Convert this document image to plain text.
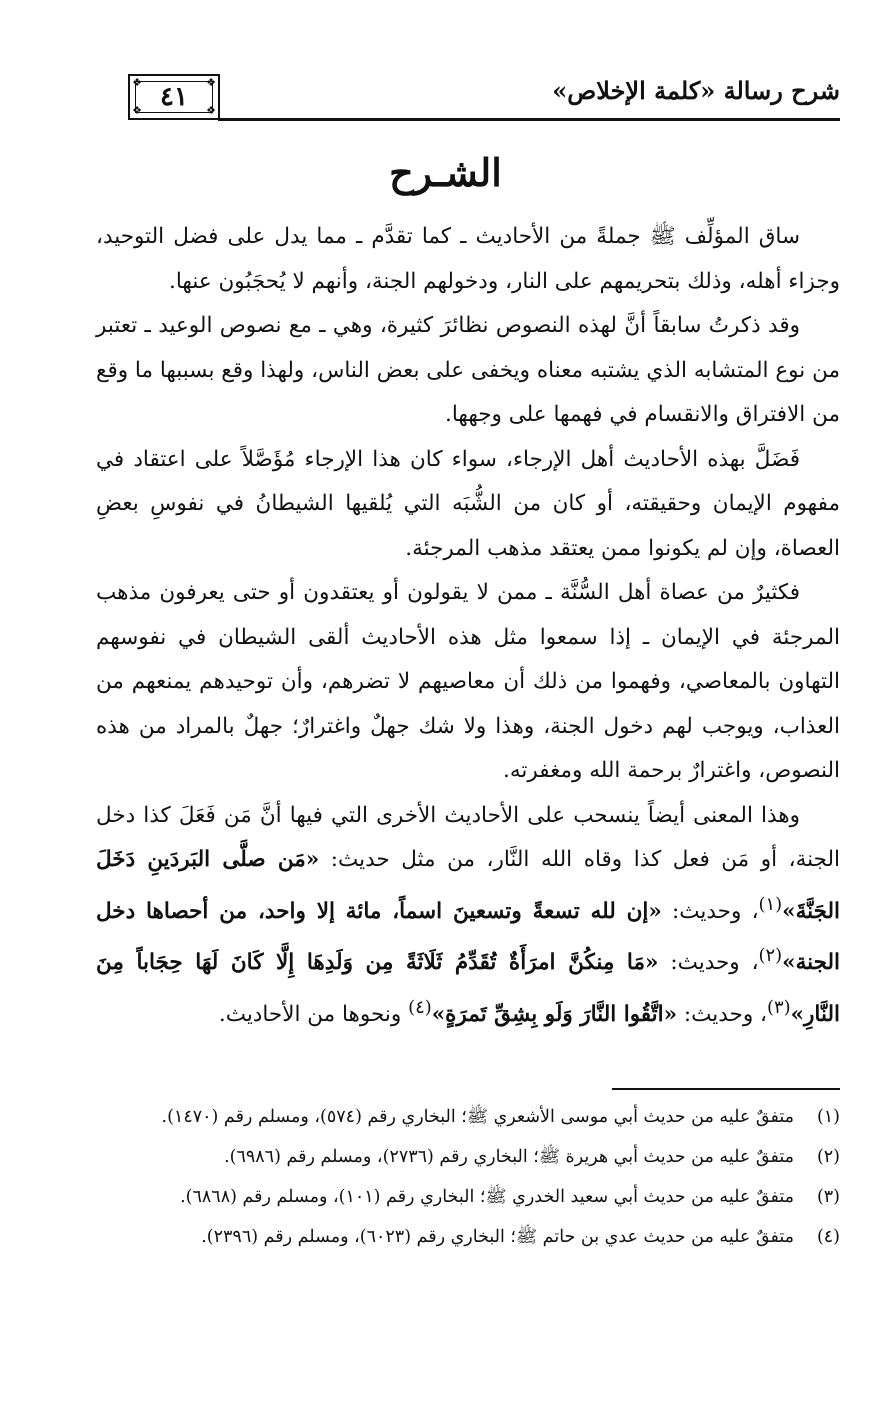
شرح رسالة «كلمة الإخلاص»
❖	❖
❖	❖
٤١
الشـرح

ساق المؤلِّف ﷺ جملةً من الأحاديث ـ كما تقدَّم ـ مما يدل على فضل التوحيد، وجزاء أهله، وذلك بتحريمهم على النار، ودخولهم الجنة، وأنهم لا يُحجَبُون عنها.

وقد ذكرتُ سابقاً أنَّ لهذه النصوص نظائرَ كثيرة، وهي ـ مع نصوص الوعيد ـ تعتبر من نوع المتشابه الذي يشتبه معناه ويخفى على بعض الناس، ولهذا وقع بسببها ما وقع من الافتراق والانقسام في فهمها على وجهها.

فَضَلَّ بهذه الأحاديث أهل الإرجاء، سواء كان هذا الإرجاء مُؤَصَّلاً على اعتقاد في مفهوم الإيمان وحقيقته، أو كان من الشُّبَه التي يُلقيها الشيطانُ في نفوسِ بعضِ العصاة، وإن لم يكونوا ممن يعتقد مذهب المرجئة.

فكثيرٌ من عصاة أهل السُّنَّة ـ ممن لا يقولون أو يعتقدون أو حتى يعرفون مذهب المرجئة في الإيمان ـ إذا سمعوا مثل هذه الأحاديث ألقى الشيطان في نفوسهم التهاون بالمعاصي، وفهموا من ذلك أن معاصيهم لا تضرهم، وأن توحيدهم يمنعهم من العذاب، ويوجب لهم دخول الجنة، وهذا ولا شك جهلٌ واغترارٌ؛ جهلٌ بالمراد من هذه النصوص، واغترارٌ برحمة الله ومغفرته.

وهذا المعنى أيضاً ينسحب على الأحاديث الأخرى التي فيها أنَّ مَن فَعَلَ كذا دخل الجنة، أو مَن فعل كذا وقاه الله النَّار، من مثل حديث: «مَن صلَّى البَردَينِ دَخَلَ الجَنَّةَ»$^{(١)}$، وحديث: «إن لله تسعةً وتسعينَ اسماً، مائة إلا واحد، من أحصاها دخل الجنة»$^{(٢)}$، وحديث: «مَا مِنكُنَّ امرَأَةٌ تُقَدِّمُ ثَلَاثَةً مِن وَلَدِهَا إِلَّا كَانَ لَهَا حِجَاباً مِنَ النَّارِ»$^{(٣)}$، وحديث: «اتَّقُوا النَّارَ وَلَو بِشِقِّ تَمرَةٍ»$^{(٤)}$ ونحوها من الأحاديث.

(١)
متفقٌ عليه من حديث أبي موسى الأشعري ﷺ؛ البخاري رقم (٥٧٤)، ومسلم رقم (١٤٧٠).
(٢)
متفقٌ عليه من حديث أبي هريرة ﷺ؛ البخاري رقم (٢٧٣٦)، ومسلم رقم (٦٩٨٦).
(٣)
متفقٌ عليه من حديث أبي سعيد الخدري ﷺ؛ البخاري رقم (١٠١)، ومسلم رقم (٦٨٦٨).
(٤)
متفقٌ عليه من حديث عدي بن حاتم ﷺ؛ البخاري رقم (٦٠٢٣)، ومسلم رقم (٢٣٩٦).
